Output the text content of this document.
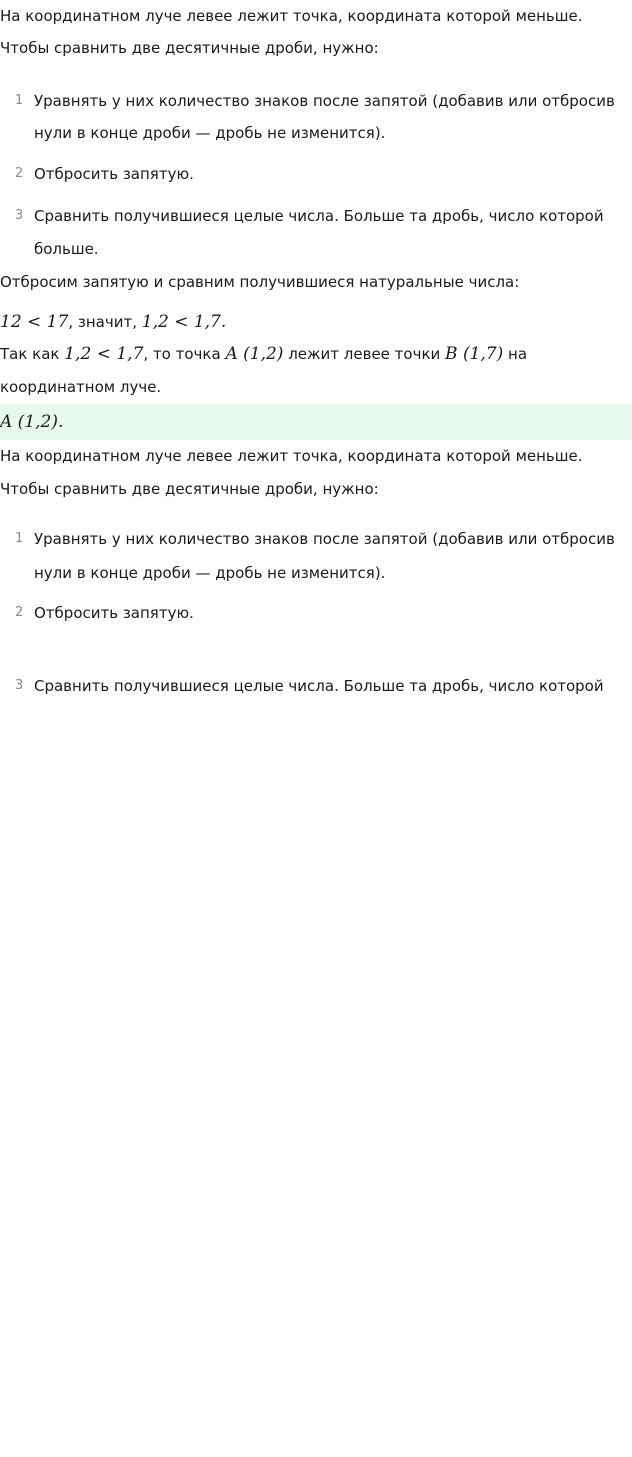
На координатном луче левее лежит точка, координата которой меньше.
Чтобы сравнить две десятичные дроби, нужно:
1 Уравнять у них количество знаков после запятой (добавив или отбросив
нули в конце дроби — дробь не изменится).
2 Отбросить запятую.
3 Сравнить получившиеся целые числа. Больше та дробь, число которой
больше.
Отбросим запятую и сравним получившиеся натуральные числа:
12 < 17, значит, 1,2 < 1,7.
Так как 1,2 < 1,7, то точка A (1,2) лежит левее точки B (1,7) на
координатном луче.
A (1,2).
На координатном луче левее лежит точка, координата которой меньше.
Чтобы сравнить две десятичные дроби, нужно:
1 Уравнять у них количество знаков после запятой (добавив или отбросив
нули в конце дроби — дробь не изменится).
2 Отбросить запятую.
3 Сравнить получившиеся целые числа. Больше та дробь, число которой
